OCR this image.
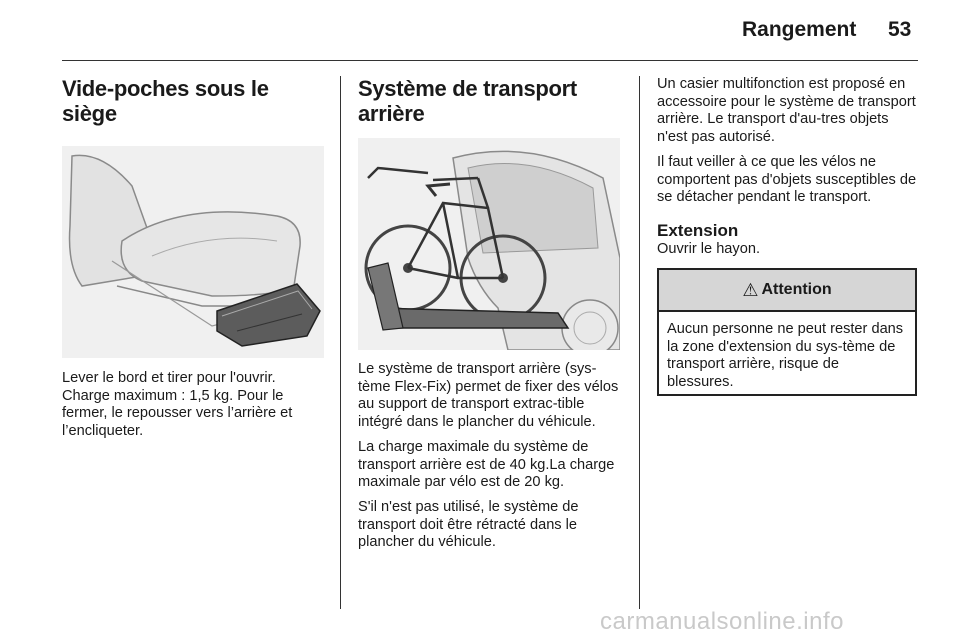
Rangement 53
Vide-poches sous le siège

Lever le bord et tirer pour l'ouvrir. Charge maximum : 1,5 kg. Pour le fermer, le repousser vers l’arrière et l’encliqueter.

Système de transport arrière

Le système de transport arrière (sys-tème Flex-Fix) permet de fixer des vélos au support de transport extrac-tible intégré dans le plancher du véhicule.

La charge maximale du système de transport arrière est de 40 kg.La charge maximale par vélo est de 20 kg.

S'il n'est pas utilisé, le système de transport doit être rétracté dans le plancher du véhicule.

Un casier multifonction est proposé en accessoire pour le système de transport arrière. Le transport d'au-tres objets n'est pas autorisé.

Il faut veiller à ce que les vélos ne comportent pas d'objets susceptibles de se détacher pendant le transport.

Extension

Ouvrir le hayon.

⚠ Attention
Aucun personne ne peut rester dans la zone d'extension du sys-tème de transport arrière, risque de blessures.
carmanualsonline.info
